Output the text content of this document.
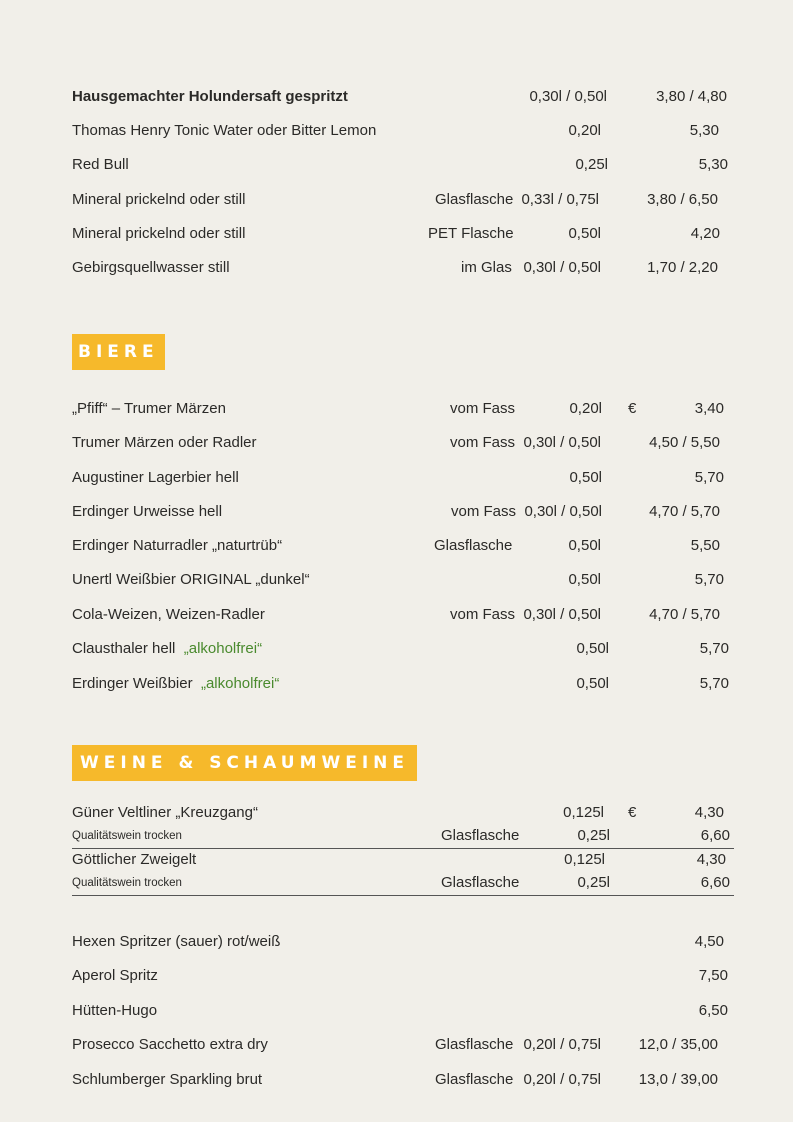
Hausgemachter Holundersaft gespritzt	0,30l / 0,50l	3,80 / 4,80
Thomas Henry Tonic Water oder Bitter Lemon	0,20l	5,30
Red Bull	0,25l	5,30
Mineral prickelnd oder still	Glasflasche 0,33l / 0,75l	3,80 / 6,50
Mineral prickelnd oder still	PET Flasche	0,50l	4,20
Gebirgsquellwasser still	im Glas 0,30l / 0,50l	1,70 / 2,20
BIERE
„Pfiff“ – Trumer Märzen	vom Fass	0,20l €	3,40
Trumer Märzen oder Radler	vom Fass 0,30l / 0,50l	4,50 / 5,50
Augustiner Lagerbier hell	0,50l	5,70
Erdinger Urweisse hell	vom Fass 0,30l / 0,50l	4,70 / 5,70
Erdinger Naturradler „naturtrüb“	Glasflasche	0,50l	5,50
Unertl Weißbier ORIGINAL „dunkel“	0,50l	5,70
Cola-Weizen, Weizen-Radler	vom Fass 0,30l / 0,50l	4,70 / 5,70
Clausthaler hell „alkoholfrei“	0,50l	5,70
Erdinger Weißbier „alkoholfrei“	0,50l	5,70
WEINE & SCHAUMWEINE
Güner Veltliner „Kreuzgang“	0,125l €	4,30
Qualitätswein trocken	Glasflasche	0,25l	6,60
Göttlicher Zweigelt	0,125l	4,30
Qualitätswein trocken	Glasflasche	0,25l	6,60
Hexen Spritzer (sauer) rot/weiß	4,50
Aperol Spritz	7,50
Hütten-Hugo	6,50
Prosecco Sacchetto extra dry	Glasflasche 0,20l / 0,75l	12,0 / 35,00
Schlumberger Sparkling brut	Glasflasche 0,20l / 0,75l	13,0 / 39,00
